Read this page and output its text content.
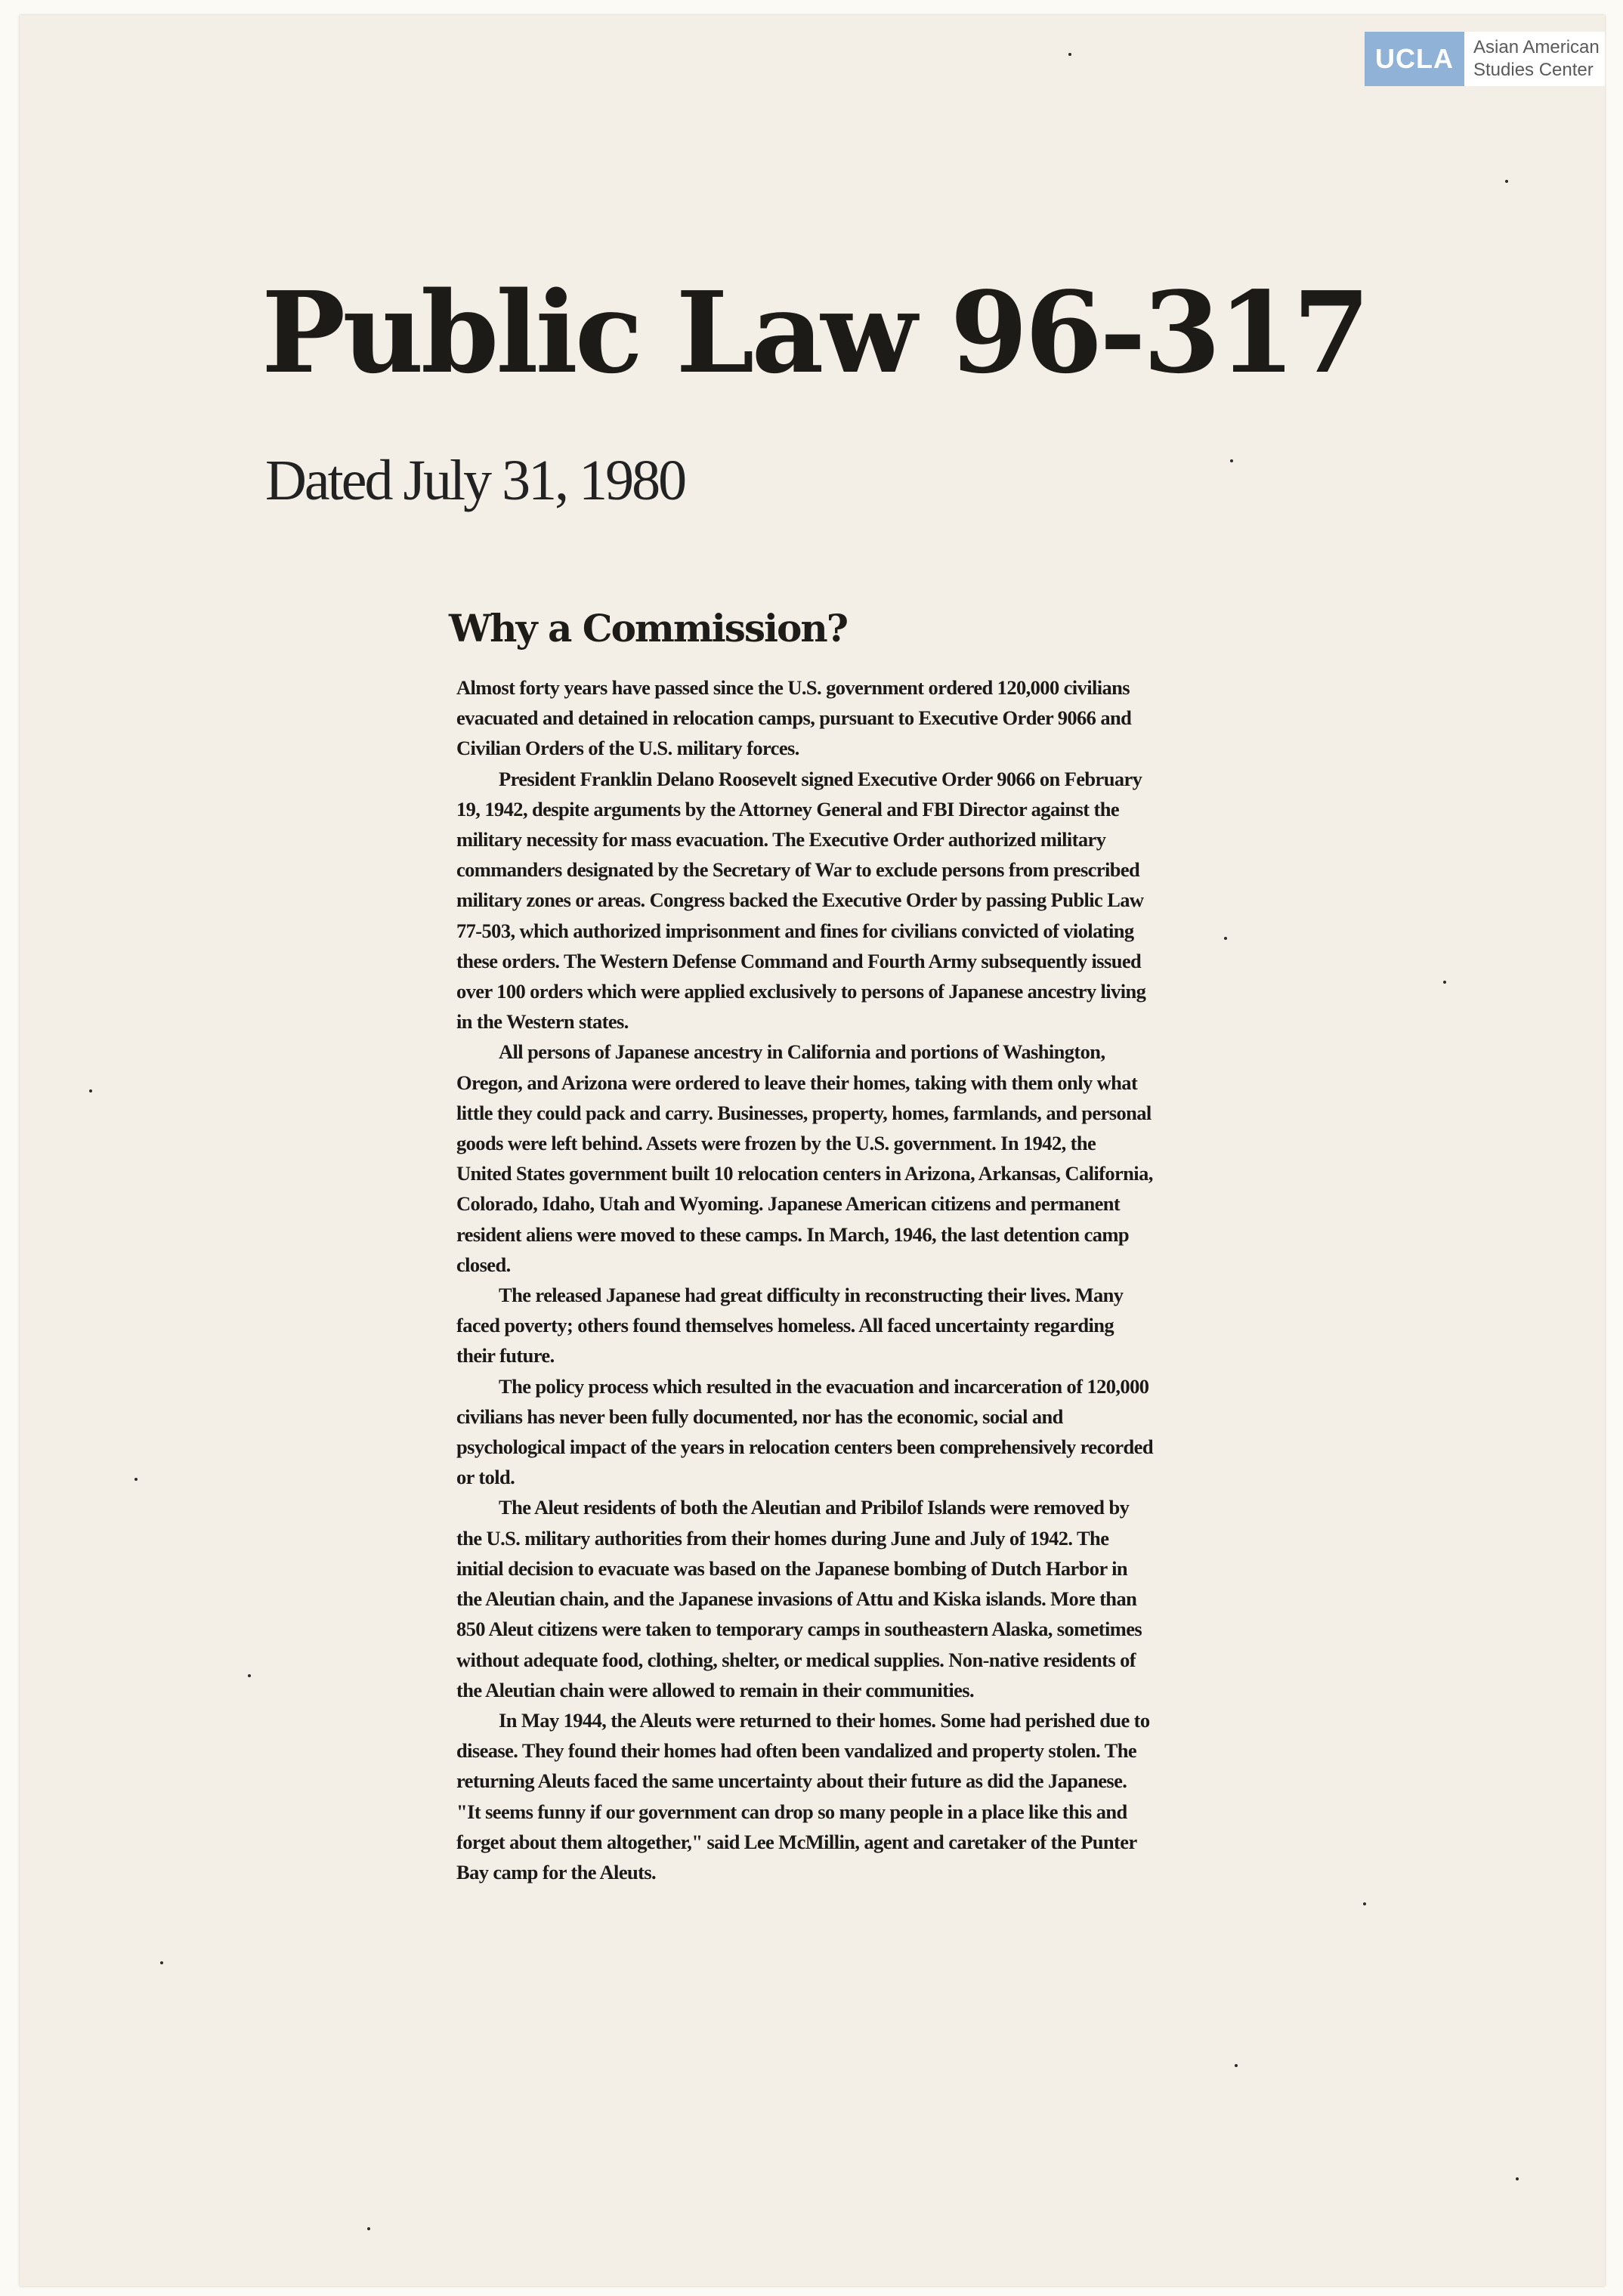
UCLA	Asian American
Studies Center
Public Law 96-317
Dated July 31, 1980
Why a Commission?

Almost forty years have passed since the U.S. government ordered 120,000 civilians evacuated and detained in relocation camps, pursuant to Executive Order 9066 and Civilian Orders of the U.S. military forces.

President Franklin Delano Roosevelt signed Executive Order 9066 on February 19, 1942, despite arguments by the Attorney General and FBI Director against the military necessity for mass evacuation. The Executive Order authorized military commanders designated by the Secretary of War to exclude persons from prescribed military zones or areas. Congress backed the Executive Order by passing Public Law 77-503, which authorized imprisonment and fines for civilians convicted of violating these orders. The Western Defense Command and Fourth Army subsequently issued over 100 orders which were applied exclusively to persons of Japanese ancestry living in the Western states.

All persons of Japanese ancestry in California and portions of Washington, Oregon, and Arizona were ordered to leave their homes, taking with them only what little they could pack and carry. Businesses, property, homes, farmlands, and personal goods were left behind. Assets were frozen by the U.S. government. In 1942, the United States government built 10 relocation centers in Arizona, Arkansas, California, Colorado, Idaho, Utah and Wyoming. Japanese American citizens and permanent resident aliens were moved to these camps. In March, 1946, the last detention camp closed.

The released Japanese had great difficulty in reconstructing their lives. Many faced poverty; others found themselves homeless. All faced uncertainty regarding their future.

The policy process which resulted in the evacuation and incarceration of 120,000 civilians has never been fully documented, nor has the economic, social and psychological impact of the years in relocation centers been comprehensively recorded or told.

The Aleut residents of both the Aleutian and Pribilof Islands were removed by the U.S. military authorities from their homes during June and July of 1942. The initial decision to evacuate was based on the Japanese bombing of Dutch Harbor in the Aleutian chain, and the Japanese invasions of Attu and Kiska islands. More than 850 Aleut citizens were taken to temporary camps in southeastern Alaska, sometimes without adequate food, clothing, shelter, or medical supplies. Non-native residents of the Aleutian chain were allowed to remain in their communities.

In May 1944, the Aleuts were returned to their homes. Some had perished due to disease. They found their homes had often been vandalized and property stolen. The returning Aleuts faced the same uncertainty about their future as did the Japanese. "It seems funny if our government can drop so many people in a place like this and forget about them altogether," said Lee McMillin, agent and caretaker of the Punter Bay camp for the Aleuts.
